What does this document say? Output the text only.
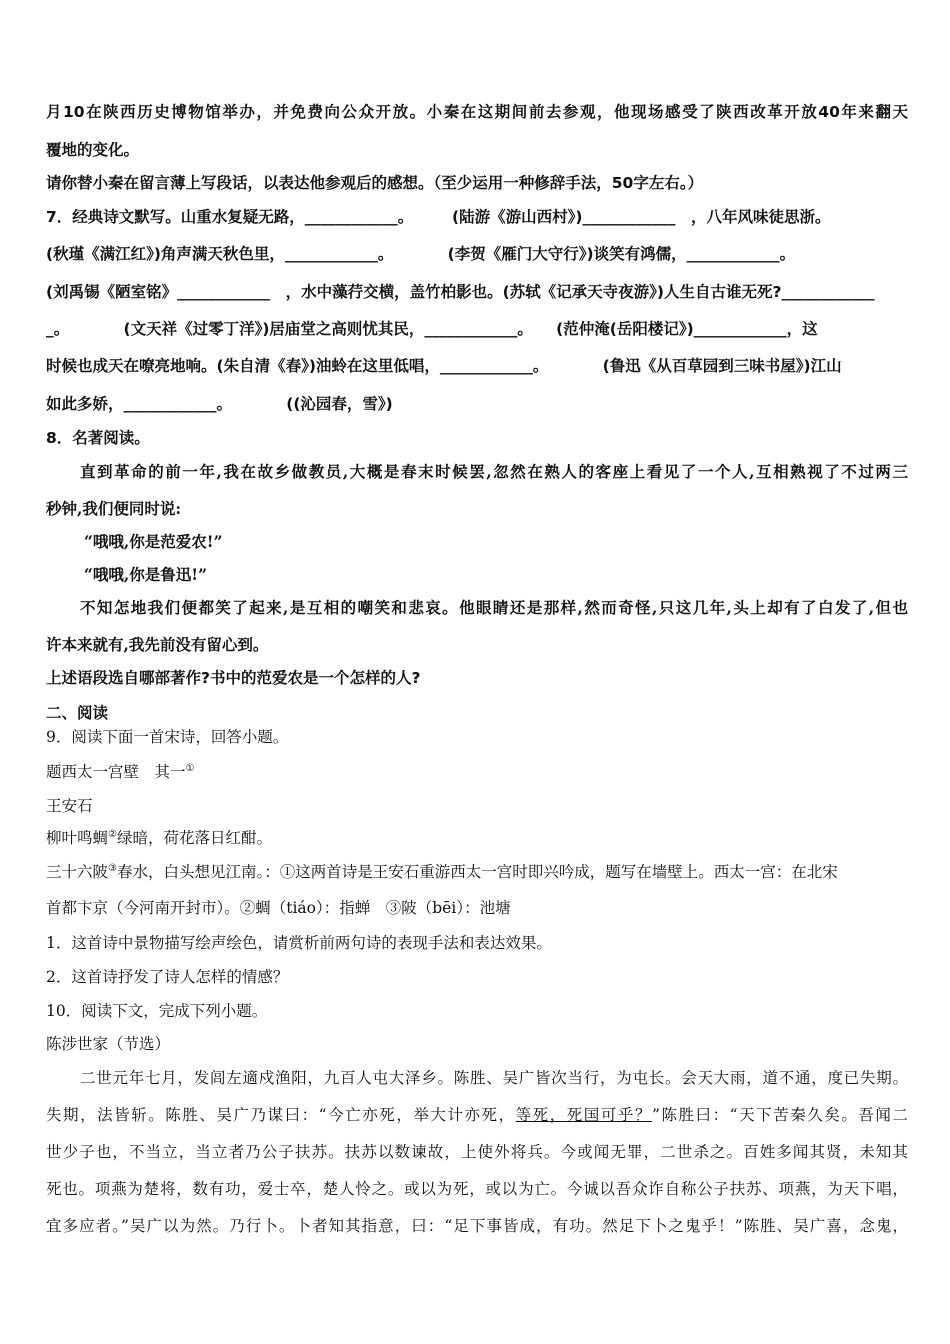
月10在陕西历史博物馆举办，并免费向公众开放。小秦在这期间前去参观，他现场感受了陕西改革开放40年来翻天

覆地的变化。

请你替小秦在留言薄上写段话，以表达他参观后的感想。（至少运用一种修辞手法，50字左右。）

7．经典诗文默写。山重水复疑无路，____________。　　　(陆游《游山西村》)____________　，八年风味徒思浙。

(秋瑾《满江红》)角声满天秋色里，____________。　　　　(李贺《雁门大守行》)谈笑有鸿儒，____________。

(刘禹锡《陋室铭》____________　，水中藻荇交横，盖竹柏影也。(苏轼《记承天寺夜游》)人生自古谁无死?____________

_。　　　　(文天祥《过零丁洋》)居庙堂之高则忧其民，____________。　　(范仲淹(岳阳楼记》)____________，这

时候也成天在嘹亮地响。(朱自清《春》)油蛉在这里低唱，____________。　　　　(鲁迅《从百草园到三味书屋》)江山

如此多娇，____________。　　　　((沁园春，雪》)

8．名著阅读。

直到革命的前一年,我在故乡做教员,大概是春末时候罢,忽然在熟人的客座上看见了一个人,互相熟视了不过两三

秒钟,我们便同时说:

“哦哦,你是范爱农!”

“哦哦,你是鲁迅!”

不知怎地我们便都笑了起来,是互相的嘲笑和悲哀。他眼睛还是那样,然而奇怪,只这几年,头上却有了白发了,但也

许本来就有,我先前没有留心到。

上述语段选自哪部著作?书中的范爱农是一个怎样的人?

二、阅读

9．阅读下面一首宋诗，回答小题。

题西太一宫壁　其一①

王安石

柳叶鸣蜩②绿暗，荷花落日红酣。

三十六陂③春水，白头想见江南。：①这两首诗是王安石重游西太一宫时即兴吟成，题写在墙壁上。西太一宫：在北宋

首都卞京（今河南开封市）。②蜩（tiáo）：指蝉　③陂（bēi）：池塘

1．这首诗中景物描写绘声绘色，请赏析前两句诗的表现手法和表达效果。

2．这首诗抒发了诗人怎样的情感？

10．阅读下文，完成下列小题。

陈涉世家（节选）

二世元年七月，发闾左適戍渔阳，九百人屯大泽乡。陈胜、吴广皆次当行，为屯长。会天大雨，道不通，度已失期。

失期，法皆斩。陈胜、吴广乃谋曰：“今亡亦死，举大计亦死，等死，死国可乎？”陈胜曰：“天下苦秦久矣。吾闻二

世少子也，不当立，当立者乃公子扶苏。扶苏以数谏故，上使外将兵。今或闻无罪，二世杀之。百姓多闻其贤，未知其

死也。项燕为楚将，数有功，爱士卒，楚人怜之。或以为死，或以为亡。今诚以吾众诈自称公子扶苏、项燕，为天下唱，

宜多应者。”吴广以为然。乃行卜。卜者知其指意，曰：“足下事皆成，有功。然足下卜之鬼乎！”陈胜、吴广喜，念鬼，
